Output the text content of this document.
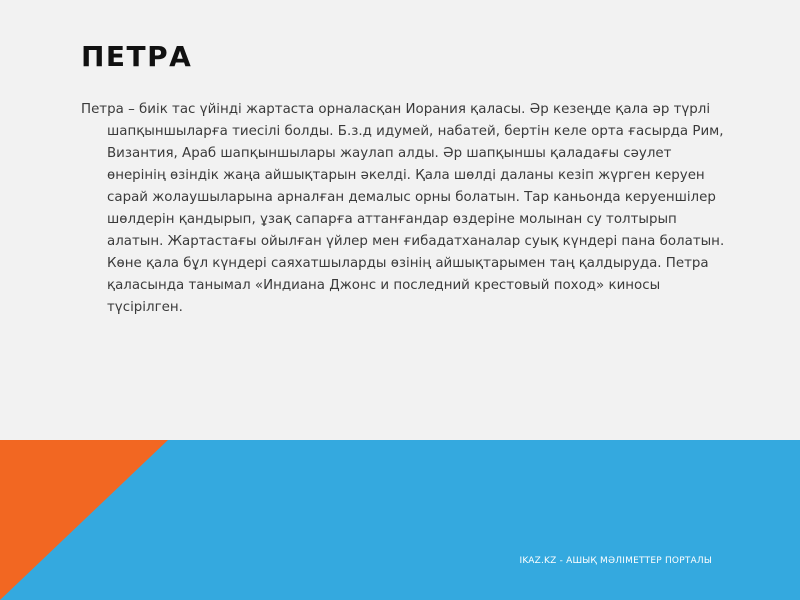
ПЕТРА

Петра – биік тас үйінді жартаста орналасқан Иорания қаласы. Әр кезеңде қала әр түрлі шапқыншыларға тиесілі болды. Б.з.д идумей, набатей, бертін келе орта ғасырда Рим, Византия, Араб шапқыншылары жаулап алды. Әр шапқыншы қаладағы сәулет өнерінің өзіндік жаңа айшықтарын әкелді. Қала шөлді даланы кезіп жүрген керуен сарай жолаушыларына арналған демалыс орны болатын. Тар каньонда керуеншілер шөлдерін қандырып, ұзақ сапарға аттанғандар өздеріне молынан су толтырып алатын. Жартастағы ойылған үйлер мен ғибадатханалар суық күндері пана болатын. Көне қала бұл күндері саяхатшыларды өзінің айшықтарымен таң қалдыруда. Петра қаласында танымал «Индиана Джонс и последний крестовый поход» киносы түсірілген.

IKAZ.KZ - АШЫҚ МӘЛІМЕТТЕР ПОРТАЛЫ
